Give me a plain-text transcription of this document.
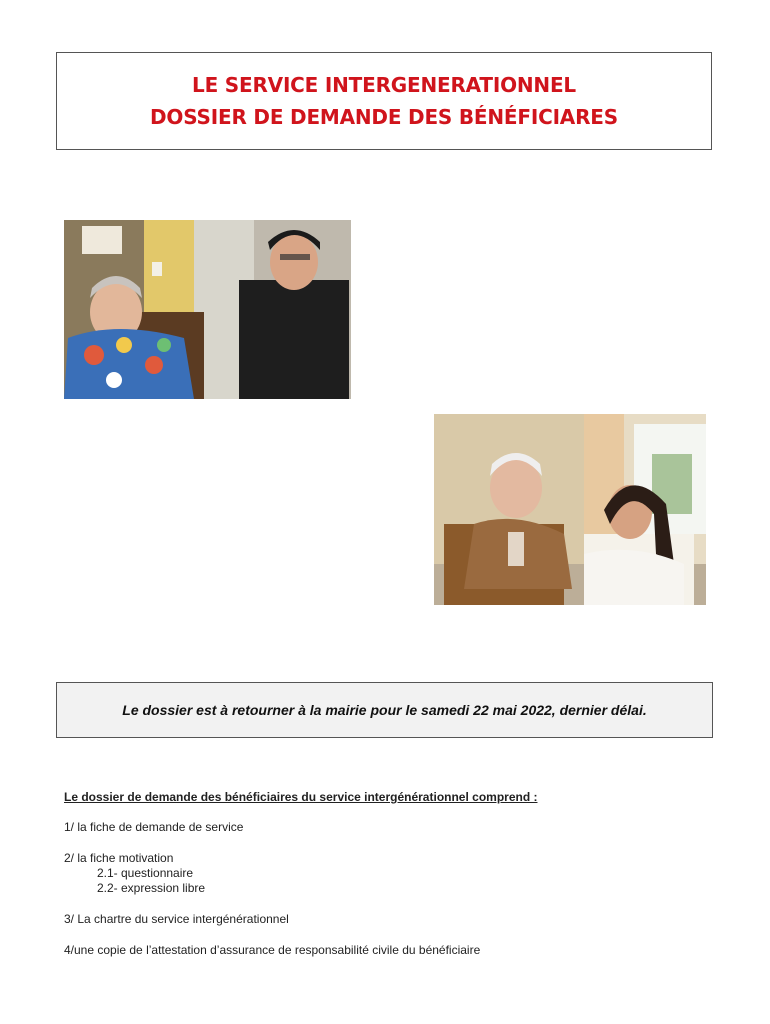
LE SERVICE INTERGENERATIONNEL
DOSSIER DE DEMANDE DES BÉNÉFICIARES
Le dossier est à retourner à la mairie pour le samedi 22 mai 2022, dernier délai.

Le dossier de demande des bénéficiaires du service intergénérationnel comprend :

1/ la fiche de demande de service

2/ la fiche motivation

2.1- questionnaire

2.2- expression libre

3/ La chartre du service intergénérationnel

4/une copie de l’attestation d’assurance de responsabilité civile du bénéficiaire
